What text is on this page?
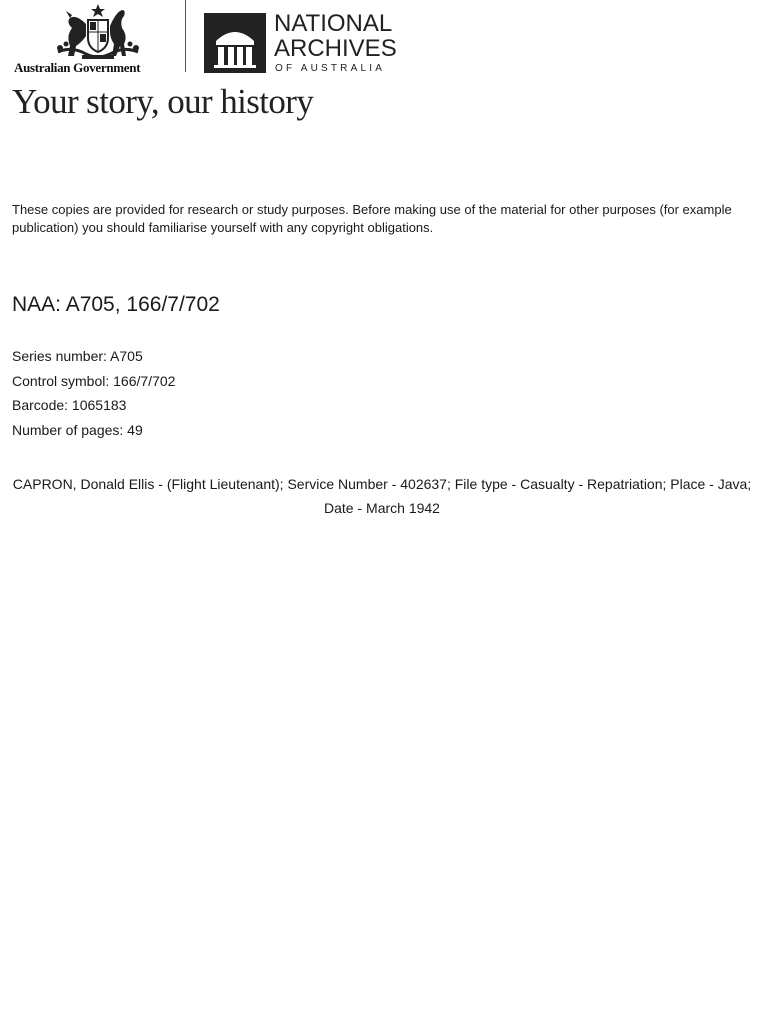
Australian Government
NATIONAL
ARCHIVES
OF AUSTRALIA
Your story, our history
These copies are provided for research or study purposes. Before making use of the material for other purposes (for example publication) you should familiarise yourself with any copyright obligations.
NAA: A705, 166/7/702
Series number: A705
Control symbol: 166/7/702
Barcode: 1065183
Number of pages: 49
CAPRON, Donald Ellis - (Flight Lieutenant); Service Number - 402637; File type - Casualty - Repatriation; Place - Java; Date - March 1942
